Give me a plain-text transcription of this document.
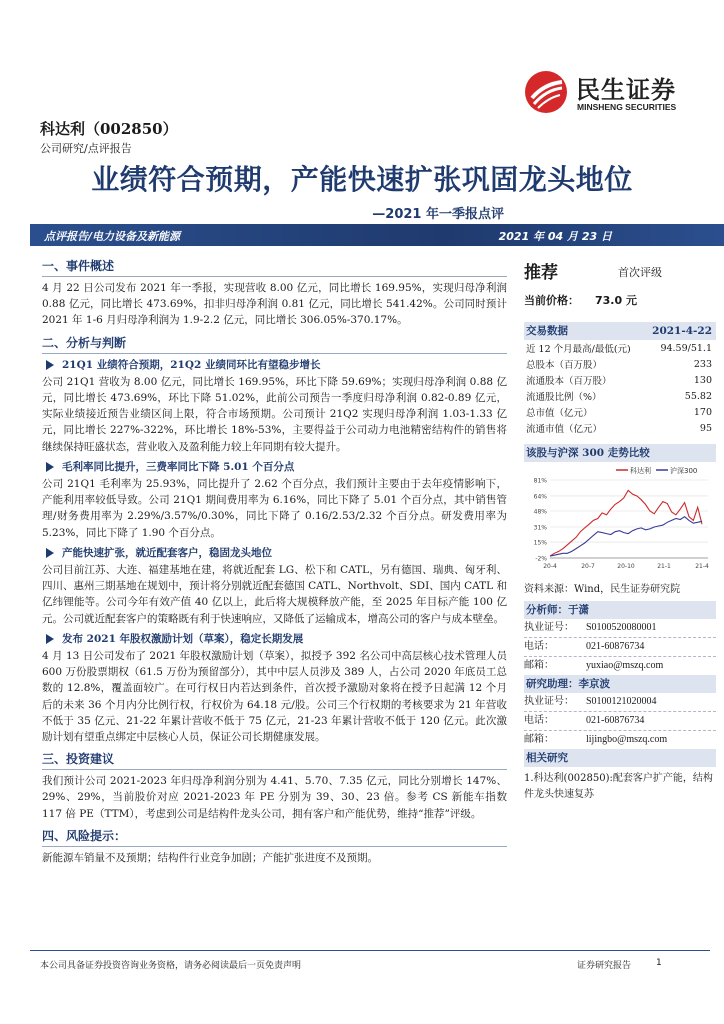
民生证券
MINSHENG SECURITIES
科达利（002850）
公司研究/点评报告
业绩符合预期，产能快速扩张巩固龙头地位
—2021 年一季报点评
点评报告/电力设备及新能源	2021 年 04 月 23 日
一、事件概述
4 月 22 日公司发布 2021 年一季报，实现营收 8.00 亿元，同比增长 169.95%，实现归母净利润 0.88 亿元，同比增长 473.69%，扣非归母净利润 0.81 亿元，同比增长 541.42%。公司同时预计 2021 年 1-6 月归母净利润为 1.9-2.2 亿元，同比增长 306.05%-370.17%。
二、分析与判断
21Q1 业绩符合预期，21Q2 业绩同环比有望稳步增长
公司 21Q1 营收为 8.00 亿元，同比增长 169.95%，环比下降 59.69%；实现归母净利润 0.88 亿元，同比增长 473.69%，环比下降 51.02%，此前公司预告一季度归母净利润 0.82-0.89 亿元，实际业绩接近预告业绩区间上限，符合市场预期。公司预计 21Q2 实现归母净利润 1.03-1.33 亿元，同比增长 227%-322%，环比增长 18%-53%，主要得益于公司动力电池精密结构件的销售将继续保持旺盛状态，营业收入及盈利能力较上年同期有较大提升。
毛利率同比提升，三费率同比下降 5.01 个百分点
公司 21Q1 毛利率为 25.93%，同比提升了 2.62 个百分点，我们预计主要由于去年疫情影响下，产能利用率较低导致。公司 21Q1 期间费用率为 6.16%，同比下降了 5.01 个百分点，其中销售管理/财务费用率为 2.29%/3.57%/0.30%，同比下降了 0.16/2.53/2.32 个百分点。研发费用率为 5.23%，同比下降了 1.90 个百分点。
产能快速扩张，就近配套客户，稳固龙头地位
公司目前江苏、大连、福建基地在建，将就近配套 LG、松下和 CATL，另有德国、瑞典、匈牙利、四川、惠州三期基地在规划中，预计将分别就近配套德国 CATL、Northvolt、SDI、国内 CATL 和亿纬锂能等。公司今年有效产值 40 亿以上，此后将大规模释放产能，至 2025 年目标产能 100 亿元。公司就近配套客户的策略既有利于快速响应，又降低了运输成本，增高公司的客户与成本壁垒。
发布 2021 年股权激励计划（草案），稳定长期发展
4 月 13 日公司发布了 2021 年股权激励计划（草案），拟授予 392 名公司中高层核心技术管理人员 600 万份股票期权（61.5 万份为预留部分），其中中层人员涉及 389 人，占公司 2020 年底员工总数的 12.8%，覆盖面较广。在可行权日内若达到条件，首次授予激励对象将在授予日起满 12 个月后的未来 36 个月内分比例行权，行权价为 64.18 元/股。公司三个行权期的考核要求为 21 年营收不低于 35 亿元、21-22 年累计营收不低于 75 亿元，21-23 年累计营收不低于 120 亿元。此次激励计划有望重点绑定中层核心人员，保证公司长期健康发展。
三、投资建议
我们预计公司 2021-2023 年归母净利润分别为 4.41、5.70、7.35 亿元，同比分别增长 147%、29%、29%，当前股价对应 2021-2023 年 PE 分别为 39、30、23 倍。参考 CS 新能车指数 117 倍 PE（TTM），考虑到公司是结构件龙头公司，拥有客户和产能优势，维持“推荐”评级。
四、风险提示：
新能源车销量不及预期；结构件行业竞争加剧；产能扩张进度不及预期。
推荐	首次评级
当前价格： 73.0 元
交易数据	2021-4-22
近 12 个月最高/最低(元)	94.59/51.1
总股本（百万股）	233
流通股本（百万股）	130
流通股比例（%）	55.82
总市值（亿元）	170
流通市值（亿元）	95
该股与沪深 300 走势比较
科达利	沪深300
81%
64%
48%
31%
15%
-2%
20-4	20-7	20-10	21-1	21-4
资料来源：Wind，民生证券研究院
分析师：于潇
执业证号： S0100520080001
电话：	021-60876734
邮箱：	yuxiao@mszq.com
研究助理：李京波
执业证号： S0100121020004
电话：	021-60876734
邮箱：	lijingbo@mszq.com
相关研究
1.科达利(002850):配套客户扩产能，结构件龙头快速复苏
本公司具备证券投资咨询业务资格，请务必阅读最后一页免责声明	证券研究报告	1
